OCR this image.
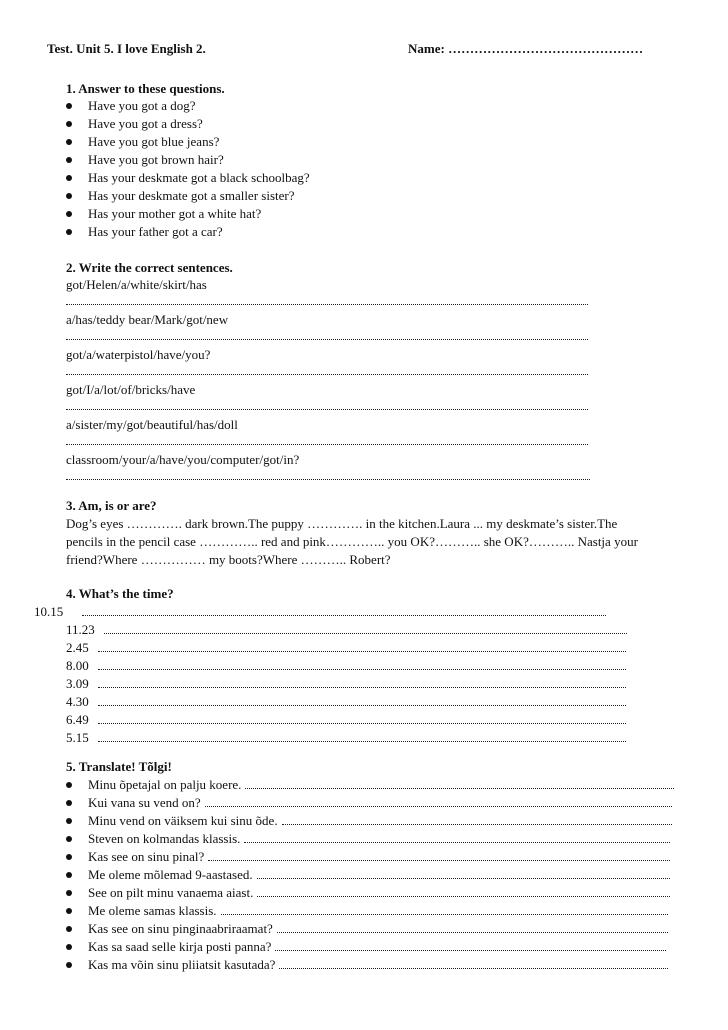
Test. Unit 5. I love English 2.	Name: ………………………………………
1. Answer to these questions.
Have you got a dog?
Have you got a dress?
Have you got blue jeans?
Have you got brown hair?
Has your deskmate got a black schoolbag?
Has your deskmate got a smaller sister?
Has your mother got a white hat?
Has your father got a car?
2. Write the correct sentences.
got/Helen/a/white/skirt/has
a/has/teddy bear/Mark/got/new
got/a/waterpistol/have/you?
got/I/a/lot/of/bricks/have
a/sister/my/got/beautiful/has/doll
classroom/your/a/have/you/computer/got/in?
3. Am, is or are?
Dog’s eyes …………. dark brown.The puppy …………. in the kitchen.Laura ... my deskmate’s sister.The
pencils in the pencil case ………….. red and pink………….. you OK?……….. she OK?……….. Nastja your
friend?Where …………… my boots?Where ……….. Robert?
4. What’s the time?
10.15
11.23
2.45
8.00
3.09
4.30
6.49
5.15
5. Translate! Tõlgi!
Minu õpetajal on palju koere.
Kui vana su vend on?
Minu vend on väiksem kui sinu õde.
Steven on kolmandas klassis.
Kas see on sinu pinal?
Me oleme mõlemad 9-aastased.
See on pilt minu vanaema aiast.
Me oleme samas klassis.
Kas see on sinu pinginaabriraamat?
Kas sa saad selle kirja posti panna?
Kas ma võin sinu pliiatsit kasutada?
